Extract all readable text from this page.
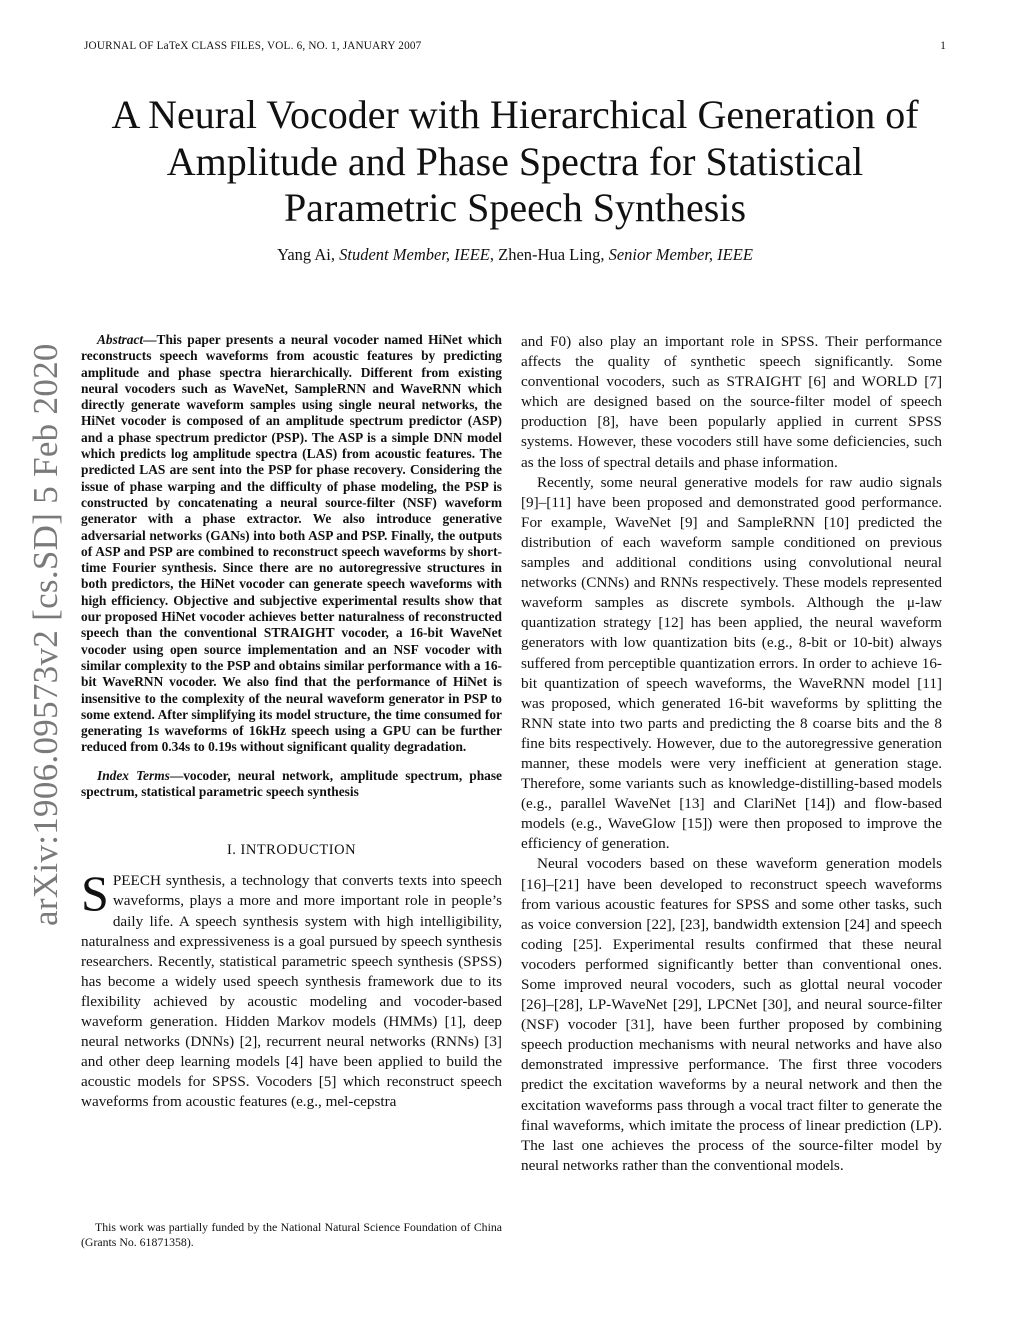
JOURNAL OF LaTeX CLASS FILES, VOL. 6, NO. 1, JANUARY 2007	1
arXiv:1906.09573v2 [cs.SD] 5 Feb 2020
A Neural Vocoder with Hierarchical Generation of
Amplitude and Phase Spectra for Statistical
Parametric Speech Synthesis
Yang Ai, Student Member, IEEE, Zhen-Hua Ling, Senior Member, IEEE

Abstract—This paper presents a neural vocoder named HiNet which reconstructs speech waveforms from acoustic features by predicting amplitude and phase spectra hierarchically. Different from existing neural vocoders such as WaveNet, SampleRNN and WaveRNN which directly generate waveform samples using single neural networks, the HiNet vocoder is composed of an amplitude spectrum predictor (ASP) and a phase spectrum predictor (PSP). The ASP is a simple DNN model which predicts log amplitude spectra (LAS) from acoustic features. The predicted LAS are sent into the PSP for phase recovery. Considering the issue of phase warping and the difficulty of phase modeling, the PSP is constructed by concatenating a neural source-filter (NSF) waveform generator with a phase extractor. We also introduce generative adversarial networks (GANs) into both ASP and PSP. Finally, the outputs of ASP and PSP are combined to reconstruct speech waveforms by short-time Fourier synthesis. Since there are no autoregressive structures in both predictors, the HiNet vocoder can generate speech waveforms with high efficiency. Objective and subjective experimental results show that our proposed HiNet vocoder achieves better naturalness of reconstructed speech than the conventional STRAIGHT vocoder, a 16-bit WaveNet vocoder using open source implementation and an NSF vocoder with similar complexity to the PSP and obtains similar performance with a 16-bit WaveRNN vocoder. We also find that the performance of HiNet is insensitive to the complexity of the neural waveform generator in PSP to some extend. After simplifying its model structure, the time consumed for generating 1s waveforms of 16kHz speech using a GPU can be further reduced from 0.34s to 0.19s without significant quality degradation.

Index Terms—vocoder, neural network, amplitude spectrum, phase spectrum, statistical parametric speech synthesis

I. INTRODUCTION

SPEECH synthesis, a technology that converts texts into speech waveforms, plays a more and more important role in people’s daily life. A speech synthesis system with high intelligibility, naturalness and expressiveness is a goal pursued by speech synthesis researchers. Recently, statistical parametric speech synthesis (SPSS) has become a widely used speech synthesis framework due to its flexibility achieved by acoustic modeling and vocoder-based waveform generation. Hidden Markov models (HMMs) [1], deep neural networks (DNNs) [2], recurrent neural networks (RNNs) [3] and other deep learning models [4] have been applied to build the acoustic models for SPSS. Vocoders [5] which reconstruct speech waveforms from acoustic features (e.g., mel-cepstra

This work was partially funded by the National Natural Science Foundation of China (Grants No. 61871358).

and F0) also play an important role in SPSS. Their performance affects the quality of synthetic speech significantly. Some conventional vocoders, such as STRAIGHT [6] and WORLD [7] which are designed based on the source-filter model of speech production [8], have been popularly applied in current SPSS systems. However, these vocoders still have some deficiencies, such as the loss of spectral details and phase information.

Recently, some neural generative models for raw audio signals [9]–[11] have been proposed and demonstrated good performance. For example, WaveNet [9] and SampleRNN [10] predicted the distribution of each waveform sample conditioned on previous samples and additional conditions using convolutional neural networks (CNNs) and RNNs respectively. These models represented waveform samples as discrete symbols. Although the μ-law quantization strategy [12] has been applied, the neural waveform generators with low quantization bits (e.g., 8-bit or 10-bit) always suffered from perceptible quantization errors. In order to achieve 16-bit quantization of speech waveforms, the WaveRNN model [11] was proposed, which generated 16-bit waveforms by splitting the RNN state into two parts and predicting the 8 coarse bits and the 8 fine bits respectively. However, due to the autoregressive generation manner, these models were very inefficient at generation stage. Therefore, some variants such as knowledge-distilling-based models (e.g., parallel WaveNet [13] and ClariNet [14]) and flow-based models (e.g., WaveGlow [15]) were then proposed to improve the efficiency of generation.

Neural vocoders based on these waveform generation models [16]–[21] have been developed to reconstruct speech waveforms from various acoustic features for SPSS and some other tasks, such as voice conversion [22], [23], bandwidth extension [24] and speech coding [25]. Experimental results confirmed that these neural vocoders performed significantly better than conventional ones. Some improved neural vocoders, such as glottal neural vocoder [26]–[28], LP-WaveNet [29], LPCNet [30], and neural source-filter (NSF) vocoder [31], have been further proposed by combining speech production mechanisms with neural networks and have also demonstrated impressive performance. The first three vocoders predict the excitation waveforms by a neural network and then the excitation waveforms pass through a vocal tract filter to generate the final waveforms, which imitate the process of linear prediction (LP). The last one achieves the process of the source-filter model by neural networks rather than the conventional models.
